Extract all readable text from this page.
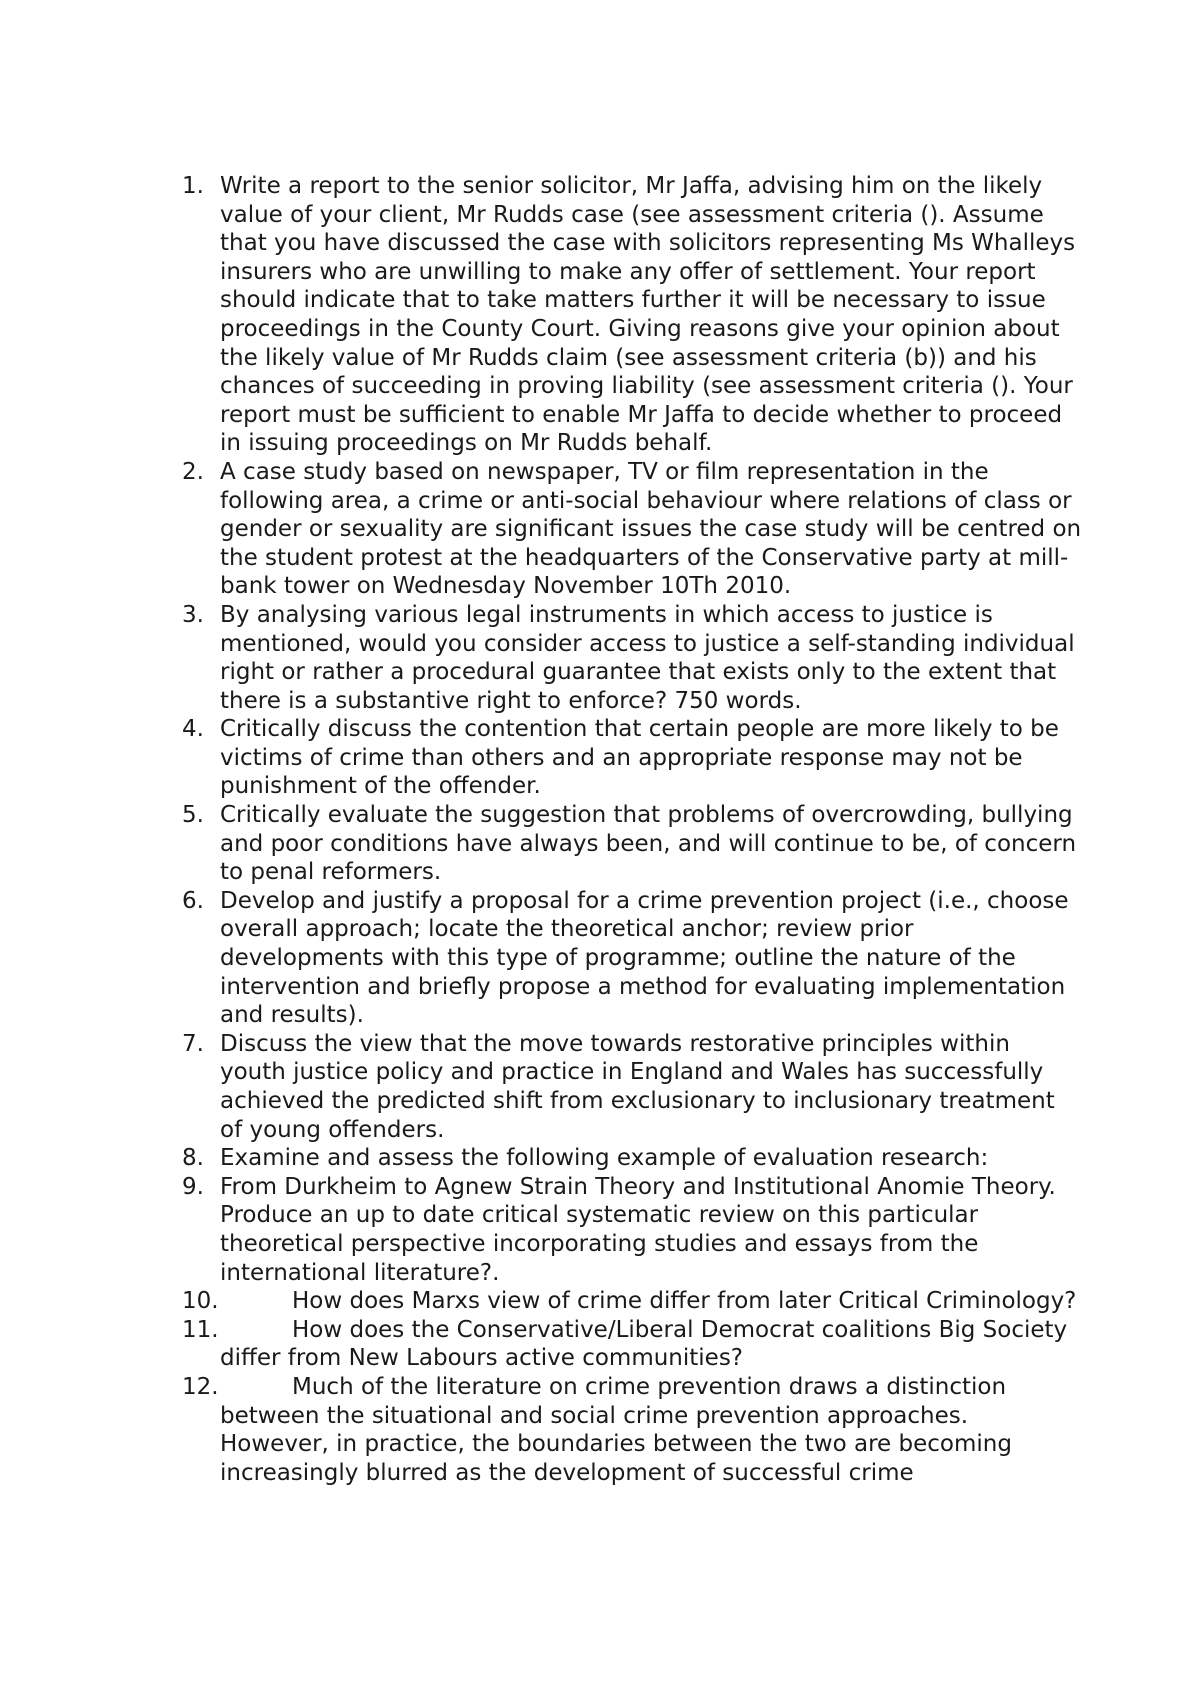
1. Write a report to the senior solicitor, Mr Jaffa, advising him on the likely value of your client, Mr Rudds case (see assessment criteria (). Assume that you have discussed the case with solicitors representing Ms Whalleys insurers who are unwilling to make any offer of settlement. Your report should indicate that to take matters further it will be necessary to issue proceedings in the County Court. Giving reasons give your opinion about the likely value of Mr Rudds claim (see assessment criteria (b)) and his chances of succeeding in proving liability (see assessment criteria (). Your report must be sufficient to enable Mr Jaffa to decide whether to proceed in issuing proceedings on Mr Rudds behalf.
2. A case study based on newspaper, TV or film representation in the following area, a crime or anti-social behaviour where relations of class or gender or sexuality are significant issues the case study will be centred on the student protest at the headquarters of the Conservative party at mill-bank tower on Wednesday November 10Th 2010.
3. By analysing various legal instruments in which access to justice is mentioned, would you consider access to justice a self-standing individual right or rather a procedural guarantee that exists only to the extent that there is a substantive right to enforce? 750 words.
4. Critically discuss the contention that certain people are more likely to be victims of crime than others and an appropriate response may not be punishment of the offender.
5. Critically evaluate the suggestion that problems of overcrowding, bullying and poor conditions have always been, and will continue to be, of concern to penal reformers.
6. Develop and justify a proposal for a crime prevention project (i.e., choose overall approach; locate the theoretical anchor; review prior developments with this type of programme; outline the nature of the intervention and briefly propose a method for evaluating implementation and results).
7. Discuss the view that the move towards restorative principles within youth justice policy and practice in England and Wales has successfully achieved the predicted shift from exclusionary to inclusionary treatment of young offenders.
8. Examine and assess the following example of evaluation research:
9. From Durkheim to Agnew Strain Theory and Institutional Anomie Theory. Produce an up to date critical systematic review on this particular theoretical perspective incorporating studies and essays from the international literature?.
10.	How does Marxs view of crime differ from later Critical Criminology?
11.	How does the Conservative/Liberal Democrat coalitions Big Society differ from New Labours active communities?
12.	Much of the literature on crime prevention draws a distinction between the situational and social crime prevention approaches. However, in practice, the boundaries between the two are becoming increasingly blurred as the development of successful crime
